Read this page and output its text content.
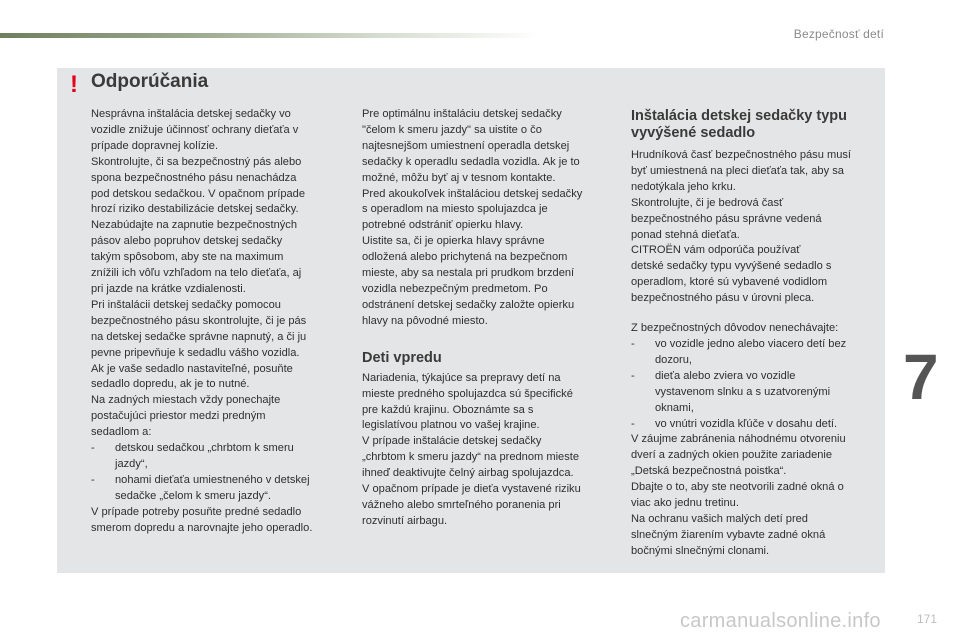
Bezpečnosť detí
! Odporúčania

Nesprávna inštalácia detskej sedačky vo

vozidle znižuje účinnosť ochrany dieťaťa v

prípade dopravnej kolízie.

Skontrolujte, či sa bezpečnostný pás alebo

spona bezpečnostného pásu nenachádza

pod detskou sedačkou. V opačnom prípade

hrozí riziko destabilizácie detskej sedačky.

Nezabúdajte na zapnutie bezpečnostných

pásov alebo popruhov detskej sedačky

takým spôsobom, aby ste na maximum

znížili ich vôľu vzhľadom na telo dieťaťa, aj

pri jazde na krátke vzdialenosti.

Pri inštalácii detskej sedačky pomocou

bezpečnostného pásu skontrolujte, či je pás

na detskej sedačke správne napnutý, a či ju

pevne pripevňuje k sedadlu vášho vozidla.

Ak je vaše sedadlo nastaviteľné, posuňte

sedadlo dopredu, ak je to nutné.

Na zadných miestach vždy ponechajte

postačujúci priestor medzi predným

sedadlom a:

-	detskou sedačkou „chrbtom k smeru
jazdy“,
-	nohami dieťaťa umiestneného v detskej
sedačke „čelom k smeru jazdy“.

V prípade potreby posuňte predné sedadlo

smerom dopredu a narovnajte jeho operadlo.

Pre optimálnu inštaláciu detskej sedačky

"čelom k smeru jazdy" sa uistite o čo

najtesnejšom umiestnení operadla detskej

sedačky k operadlu sedadla vozidla. Ak je to

možné, môžu byť aj v tesnom kontakte.

Pred akoukoľvek inštaláciou detskej sedačky

s operadlom na miesto spolujazdca je

potrebné odstrániť opierku hlavy.

Uistite sa, či je opierka hlavy správne

odložená alebo prichytená na bezpečnom

mieste, aby sa nestala pri prudkom brzdení

vozidla nebezpečným predmetom. Po

odstránení detskej sedačky založte opierku

hlavy na pôvodné miesto.

Deti vpredu

Nariadenia, týkajúce sa prepravy detí na

mieste predného spolujazdca sú špecifické

pre každú krajinu. Oboznámte sa s

legislatívou platnou vo vašej krajine.

V prípade inštalácie detskej sedačky

„chrbtom k smeru jazdy“ na prednom mieste

ihneď deaktivujte čelný airbag spolujazdca.

V opačnom prípade je dieťa vystavené riziku

vážneho alebo smrteľného poranenia pri

rozvinutí airbagu.

Inštalácia detskej sedačky typu
vyvýšené sedadlo

Hrudníková časť bezpečnostného pásu musí

byť umiestnená na pleci dieťaťa tak, aby sa

nedotýkala jeho krku.

Skontrolujte, či je bedrová časť

bezpečnostného pásu správne vedená

ponad stehná dieťaťa.

CITROËN vám odporúča používať

detské sedačky typu vyvýšené sedadlo s

operadlom, ktoré sú vybavené vodidlom

bezpečnostného pásu v úrovni pleca.

Z bezpečnostných dôvodov nenechávajte:

-	vo vozidle jedno alebo viacero detí bez
dozoru,
-	dieťa alebo zviera vo vozidle
vystavenom slnku a s uzatvorenými
oknami,
-	vo vnútri vozidla kľúče v dosahu detí.

V záujme zabránenia náhodnému otvoreniu

dverí a zadných okien použite zariadenie

„Detská bezpečnostná poistka“.

Dbajte o to, aby ste neotvorili zadné okná o

viac ako jednu tretinu.

Na ochranu vašich malých detí pred

slnečným žiarením vybavte zadné okná

bočnými slnečnými clonami.

7
carmanualsonline.info	171
